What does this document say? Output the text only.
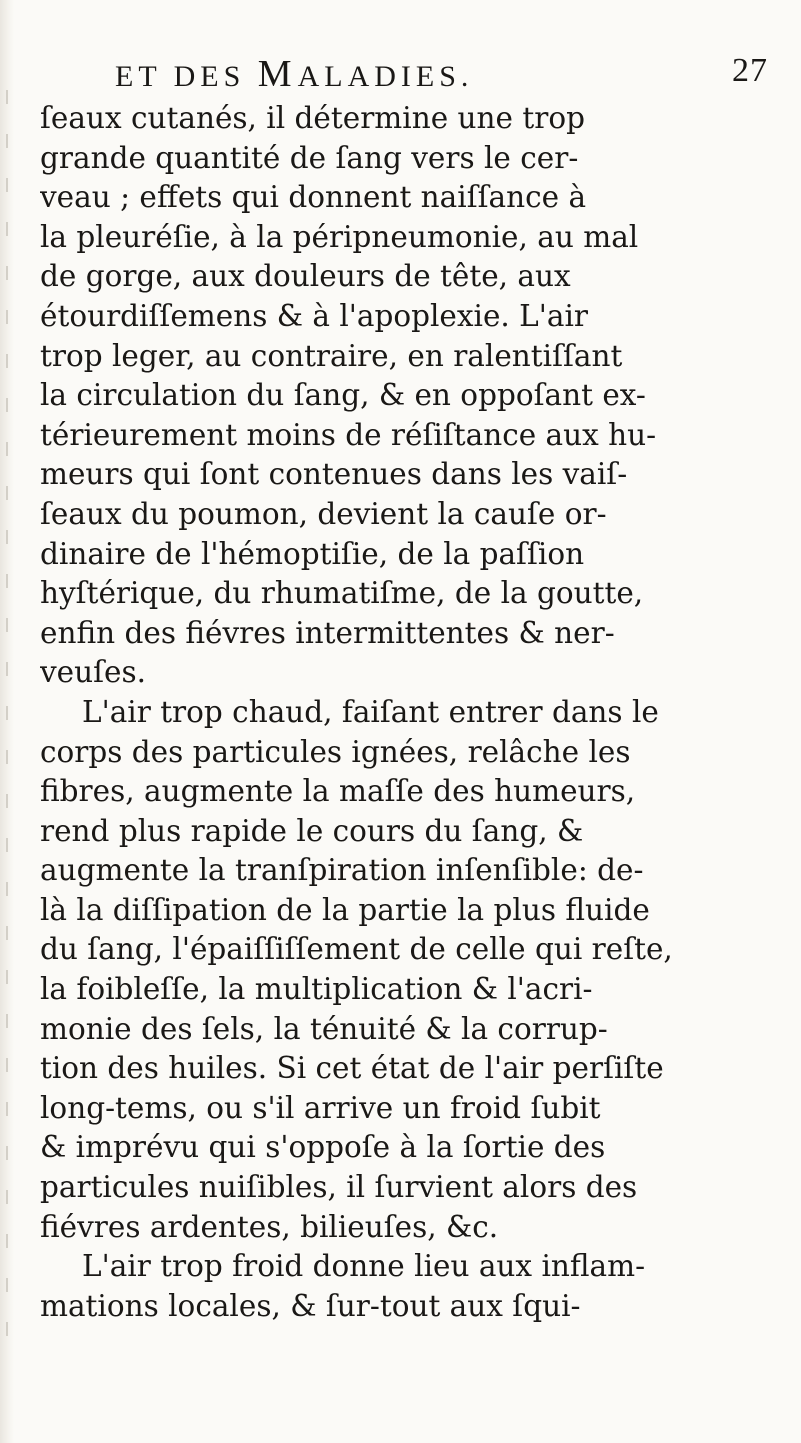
ET DES MALADIES.	27
ſeaux cutanés, il détermine une trop
grande quantité de ſang vers le cer-
veau ; effets qui donnent naiſſance à
la pleuréſie, à la péripneumonie, au mal
de gorge, aux douleurs de tête, aux
étourdiſſemens & à l'apoplexie. L'air
trop leger, au contraire, en ralentiſſant
la circulation du ſang, & en oppoſant ex-
térieurement moins de réſiſtance aux hu-
meurs qui ſont contenues dans les vaiſ-
ſeaux du poumon, devient la cauſe or-
dinaire de l'hémoptiſie, de la paſſion
hyſtérique, du rhumatiſme, de la goutte,
enfin des fiévres intermittentes & ner-
veuſes.
L'air trop chaud, faiſant entrer dans le
corps des particules ignées, relâche les
fibres, augmente la maſſe des humeurs,
rend plus rapide le cours du ſang, &
augmente la tranſpiration inſenſible: de-
là la diſſipation de la partie la plus fluide
du ſang, l'épaiſſiſſement de celle qui reſte,
la foibleſſe, la multiplication & l'acri-
monie des ſels, la ténuité & la corrup-
tion des huiles. Si cet état de l'air perſiſte
long-tems, ou s'il arrive un froid ſubit
& imprévu qui s'oppoſe à la ſortie des
particules nuiſibles, il ſurvient alors des
fiévres ardentes, bilieuſes, &c.
L'air trop froid donne lieu aux inflam-
mations locales, & ſur-tout aux ſqui-
